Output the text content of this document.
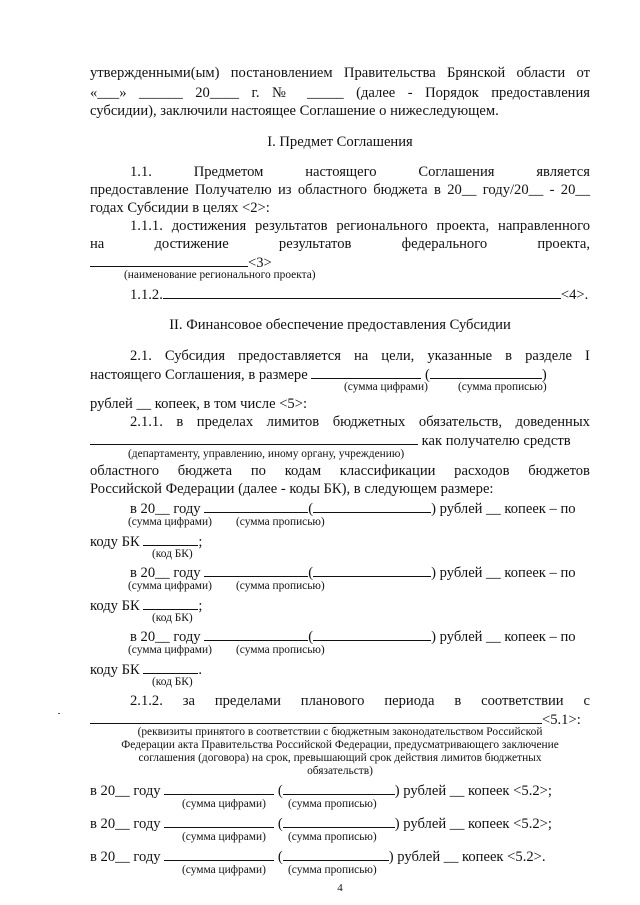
утвержденными(ым) постановлением Правительства Брянской области от
«___» ______ 20____ г. № _____ (далее - Порядок предоставления
субсидии), заключили настоящее Соглашение о нижеследующем.
I. Предмет Соглашения
1.1.	Предметом	настоящего	Соглашения	является
предоставление Получателю из областного бюджета в 20__ году/20__ - 20__
годах Субсидии в целях <2>:
1.1.1. достижения результатов регионального проекта, направленного
на	достижение	результатов	федерального	проекта,
<3>
(наименование регионального проекта)
1.1.2.	<4>.
II. Финансовое обеспечение предоставления Субсидии
2.1. Субсидия предоставляется на цели, указанные в разделе I
настоящего Соглашения, в размере	(	)
(сумма цифрами)	(сумма прописью)
рублей __ копеек, в том числе <5>:
2.1.1. в пределах лимитов бюджетных обязательств, доведенных
как получателю средств
(департаменту, управлению, иному органу, учреждению)
областного бюджета по кодам классификации расходов бюджетов
Российской Федерации (далее - коды БК), в следующем размере:
в 20__ году	(	) рублей __ копеек – по
(сумма цифрами) (сумма прописью)
коду БК	;
(код БК)
в 20__ году	(	) рублей __ копеек – по
(сумма цифрами) (сумма прописью)
коду БК	;
(код БК)
в 20__ году	(	) рублей __ копеек – по
(сумма цифрами) (сумма прописью)
коду БК	.
(код БК)
2.1.2. за пределами планового периода в соответствии с
<5.1>:
(реквизиты принятого в соответствии с бюджетным законодательством Российской
Федерации акта Правительства Российской Федерации, предусматривающего заключение
соглашения (договора) на срок, превышающий срок действия лимитов бюджетных
обязательств)
в 20__ году	(	) рублей __ копеек <5.2>;
(сумма цифрами) (сумма прописью)
в 20__ году	(	) рублей __ копеек <5.2>;
(сумма цифрами) (сумма прописью)
в 20__ году	(	) рублей __ копеек <5.2>.
(сумма цифрами) (сумма прописью)
4
